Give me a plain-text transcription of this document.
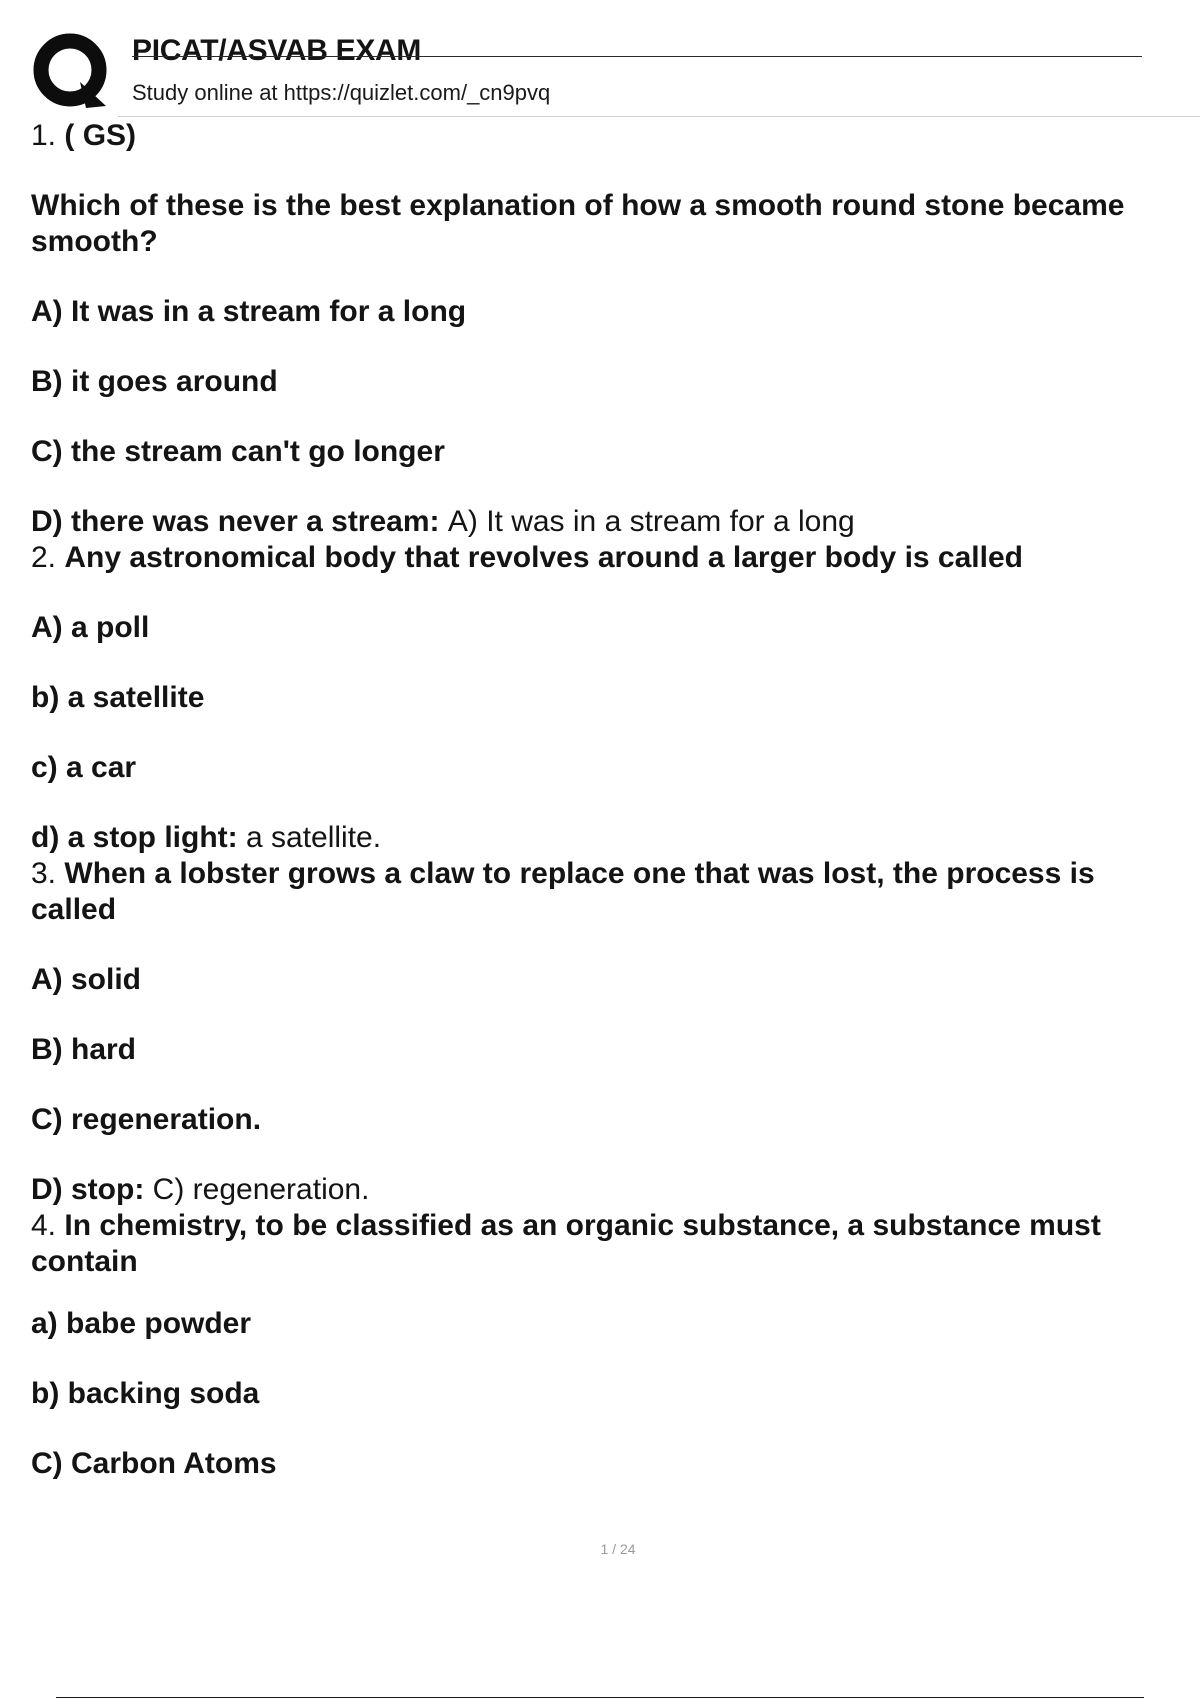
PICAT/ASVAB EXAM
Study online at https://quizlet.com/_cn9pvq
1. ( GS)
Which of these is the best explanation of how a smooth round stone became smooth?
A) It was in a stream for a long
B) it goes around
C) the stream can't go longer
D) there was never a stream: A) It was in a stream for a long
2. Any astronomical body that revolves around a larger body is called
A) a poll
b) a satellite
c) a car
d) a stop light: a satellite.
3. When a lobster grows a claw to replace one that was lost, the process is called
A) solid
B) hard
C) regeneration.
D) stop: C) regeneration.
4. In chemistry, to be classified as an organic substance, a substance must contain
a) babe powder
b) backing soda
C) Carbon Atoms
1 / 24
